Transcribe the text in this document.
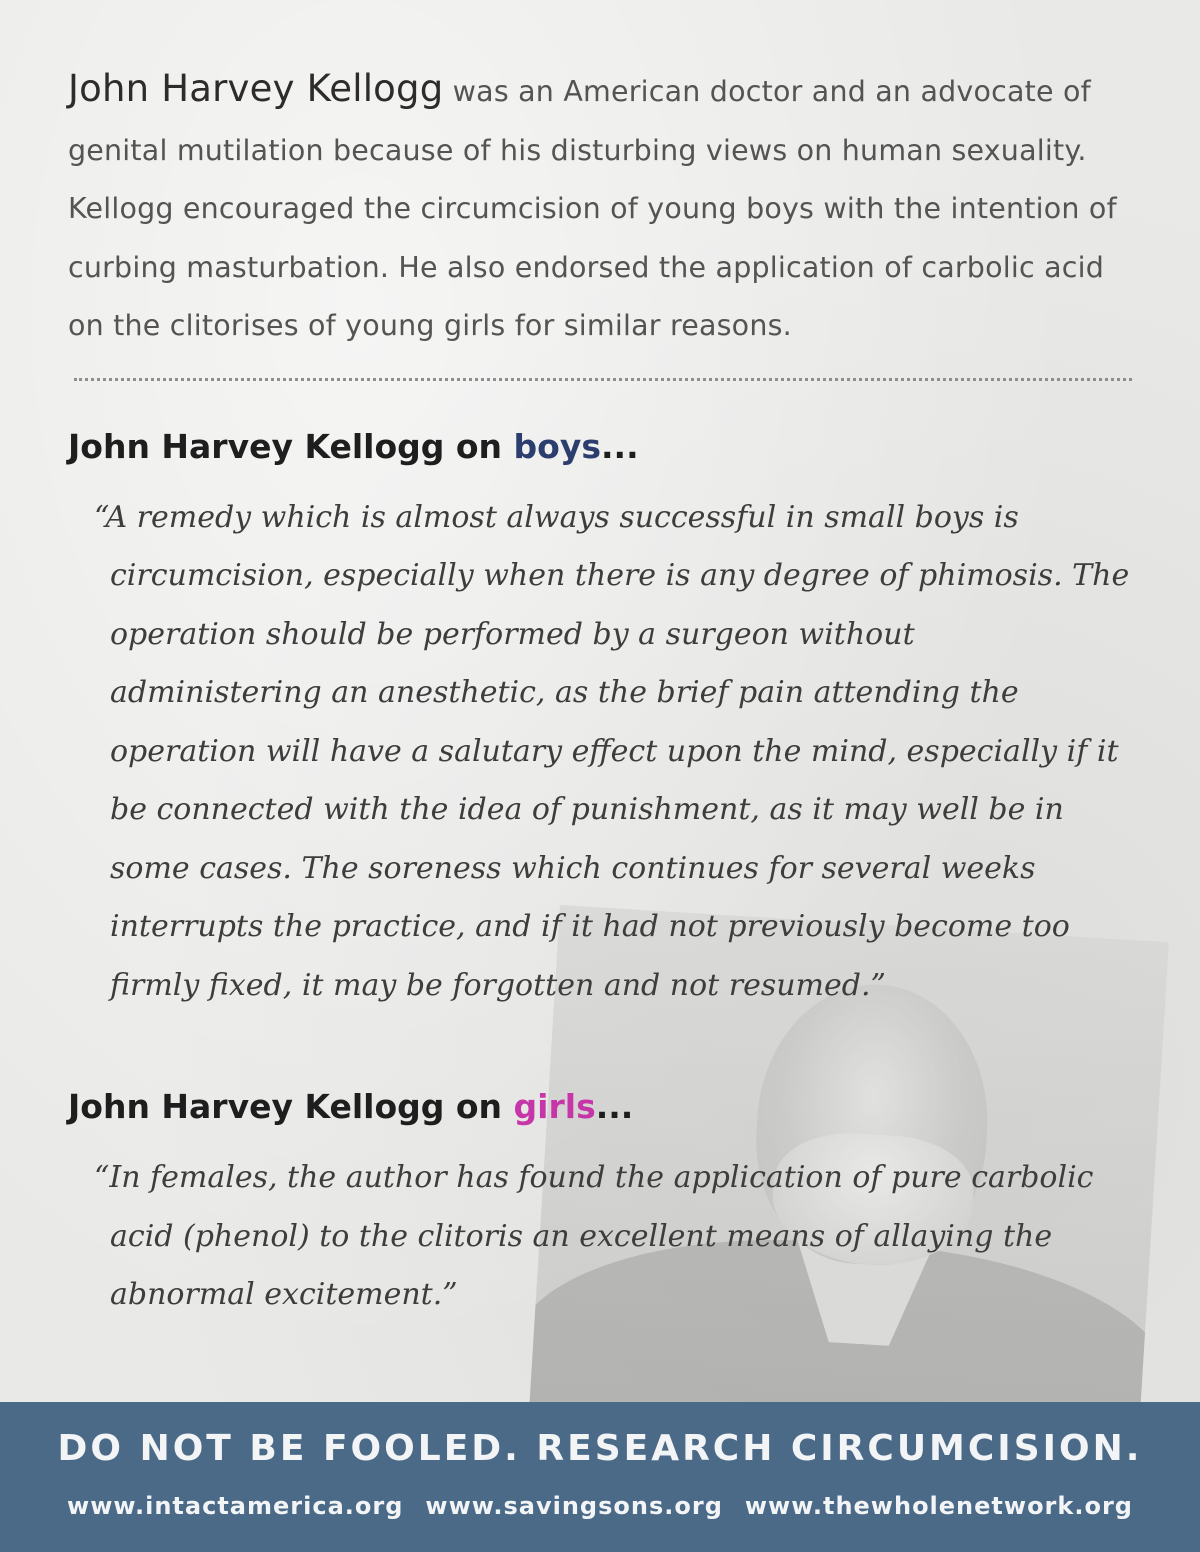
John Harvey Kellogg was an American doctor and an advocate of genital mutilation because of his disturbing views on human sexuality. Kellogg encouraged the circumcision of young boys with the intention of curbing masturbation. He also endorsed the application of carbolic acid on the clitorises of young girls for similar reasons.

John Harvey Kellogg on boys...

“A remedy which is almost always successful in small boys is circumcision, especially when there is any degree of phimosis. The operation should be performed by a surgeon without administering an anesthetic, as the brief pain attending the operation will have a salutary effect upon the mind, especially if it be connected with the idea of punishment, as it may well be in some cases. The soreness which continues for several weeks interrupts the practice, and if it had not previously become too firmly fixed, it may be forgotten and not resumed.”

John Harvey Kellogg on girls...

“In females, the author has found the application of pure carbolic acid (phenol) to the clitoris an excellent means of allaying the abnormal excitement.”

DO NOT BE FOOLED. RESEARCH CIRCUMCISION.
www.intactamerica.org www.savingsons.org www.thewholenetwork.org
